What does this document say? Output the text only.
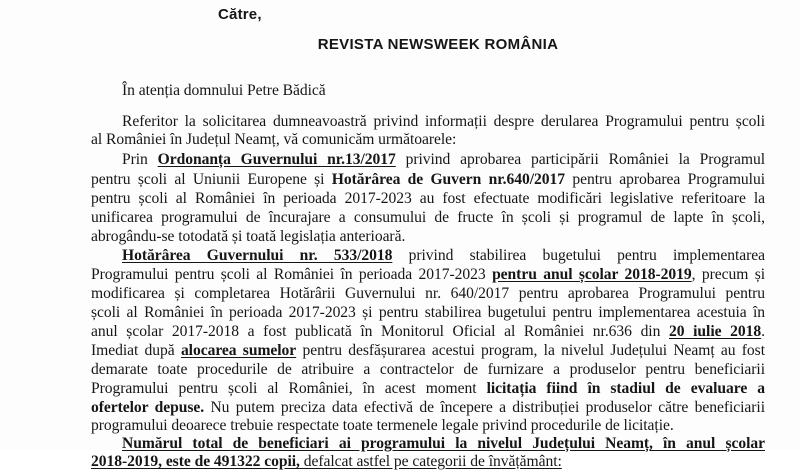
Către,
REVISTA NEWSWEEK ROMÂNIA
În atenția domnului Petre Bădică
Referitor la solicitarea dumneavoastră privind informații despre derularea Programului pentru școli
al României în Județul Neamț, vă comunicăm următoarele:
Prin Ordonanța Guvernului nr.13/2017 privind aprobarea participării României la Programul
pentru școli al Uniunii Europene și Hotărârea de Guvern nr.640/2017 pentru aprobarea Programului
pentru școli al României în perioada 2017-2023 au fost efectuate modificări legislative referitoare la
unificarea programului de încurajare a consumului de fructe în școli și programul de lapte în școli,
abrogându-se totodată și toată legislația anterioară.
Hotărârea Guvernului nr. 533/2018 privind stabilirea bugetului pentru implementarea
Programului pentru școli al României în perioada 2017-2023 pentru anul școlar 2018-2019, precum și
modificarea și completarea Hotărârii Guvernului nr. 640/2017 pentru aprobarea Programului pentru
școli al României în perioada 2017-2023 și pentru stabilirea bugetului pentru implementarea acestuia în
anul școlar 2017-2018 a fost publicată în Monitorul Oficial al României nr.636 din 20 iulie 2018.
Imediat după alocarea sumelor pentru desfășurarea acestui program, la nivelul Județului Neamț au fost
demarate toate procedurile de atribuire a contractelor de furnizare a produselor pentru beneficiarii
Programului pentru școli al României, în acest moment licitația fiind în stadiul de evaluare a
ofertelor depuse. Nu putem preciza data efectivă de începere a distribuției produselor către beneficiarii
programului deoarece trebuie respectate toate termenele legale privind procedurile de licitație.
Numărul total de beneficiari ai programului la nivelul Județului Neamț, în anul școlar
2018-2019, este de 491322 copii, defalcat astfel pe categorii de învățământ:
